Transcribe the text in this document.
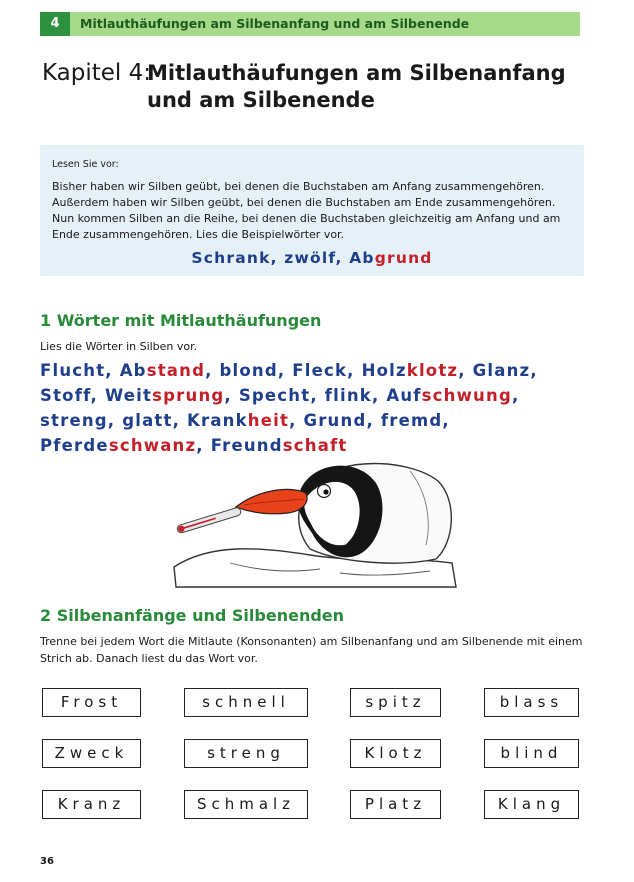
4	Mitlauthäufungen am Silbenanfang und am Silbenende
Kapitel 4:
Mitlauthäufungen am Silbenanfang und am Silbenende
Lesen Sie vor:
Bisher haben wir Silben geübt, bei denen die Buchstaben am Anfang zusammengehören. Außerdem haben wir Silben geübt, bei denen die Buchstaben am Ende zusammengehören. Nun kommen Silben an die Reihe, bei denen die Buchstaben gleichzeitig am Anfang und am Ende zusammengehören. Lies die Beispielwörter vor.
Schrank, zwölf, Abgrund
1 Wörter mit Mitlauthäufungen
Lies die Wörter in Silben vor.
Flucht, Abstand, blond, Fleck, Holzklotz, Glanz, Stoff, Weitsprung, Specht, flink, Aufschwung, streng, glatt, Krankheit, Grund, fremd, Pferdeschwanz, Freundschaft
2 Silbenanfänge und Silbenenden
Trenne bei jedem Wort die Mitlaute (Konsonanten) am Silbenanfang und am Silbenende mit einem Strich ab. Danach liest du das Wort vor.
Frost	schnell	spitz	blass
Zweck	streng	Klotz	blind
Kranz	Schmalz	Platz	Klang
36
